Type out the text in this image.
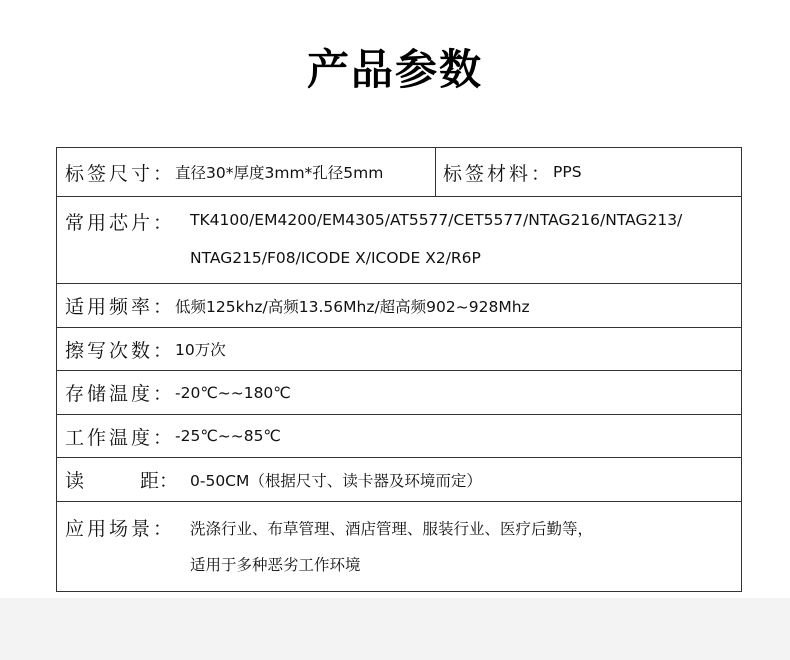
产品参数
标签尺寸： 直径30*厚度3mm*孔径5mm	标签材料： PPS
常用芯片： TK4100/EM4200/EM4305/AT5577/CET5577/NTAG216/NTAG213/
NTAG215/F08/ICODE X/ICODE X2/R6P
适用频率： 低频125khz/高频13.56Mhz/超高频902~928Mhz
擦写次数： 10万次
存储温度： -20℃~~180℃
工作温度： -25℃~~85℃
读	距： 0-50CM（根据尺寸、读卡器及环境而定）
应用场景： 洗涤行业、布草管理、酒店管理、服装行业、医疗后勤等，
适用于多种恶劣工作环境
